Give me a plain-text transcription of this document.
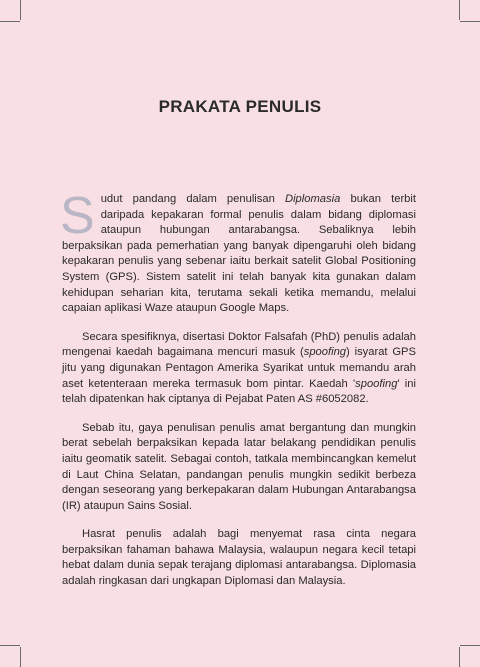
PRAKATA PENULIS

Sudut pandang dalam penulisan Diplomasia bukan terbit daripada kepakaran formal penulis dalam bidang diplomasi ataupun hubungan antarabangsa. Sebaliknya lebih berpaksikan pada pemerhatian yang banyak dipengaruhi oleh bidang kepakaran penulis yang sebenar iaitu berkait satelit Global Positioning System (GPS). Sistem satelit ini telah banyak kita gunakan dalam kehidupan seharian kita, terutama sekali ketika memandu, melalui capaian aplikasi Waze ataupun Google Maps.

Secara spesifiknya, disertasi Doktor Falsafah (PhD) penulis adalah mengenai kaedah bagaimana mencuri masuk (spoofing) isyarat GPS jitu yang digunakan Pentagon Amerika Syarikat untuk memandu arah aset ketenteraan mereka termasuk bom pintar. Kaedah 'spoofing' ini telah dipatenkan hak ciptanya di Pejabat Paten AS #6052082.

Sebab itu, gaya penulisan penulis amat bergantung dan mungkin berat sebelah berpaksikan kepada latar belakang pendidikan penulis iaitu geomatik satelit. Sebagai contoh, tatkala membincangkan kemelut di Laut China Selatan, pandangan penulis mungkin sedikit berbeza dengan seseorang yang berkepakaran dalam Hubungan Antarabangsa (IR) ataupun Sains Sosial.

Hasrat penulis adalah bagi menyemat rasa cinta negara berpaksikan fahaman bahawa Malaysia, walaupun negara kecil tetapi hebat dalam dunia sepak terajang diplomasi antarabangsa. Diplomasia adalah ringkasan dari ungkapan Diplomasi dan Malaysia.
